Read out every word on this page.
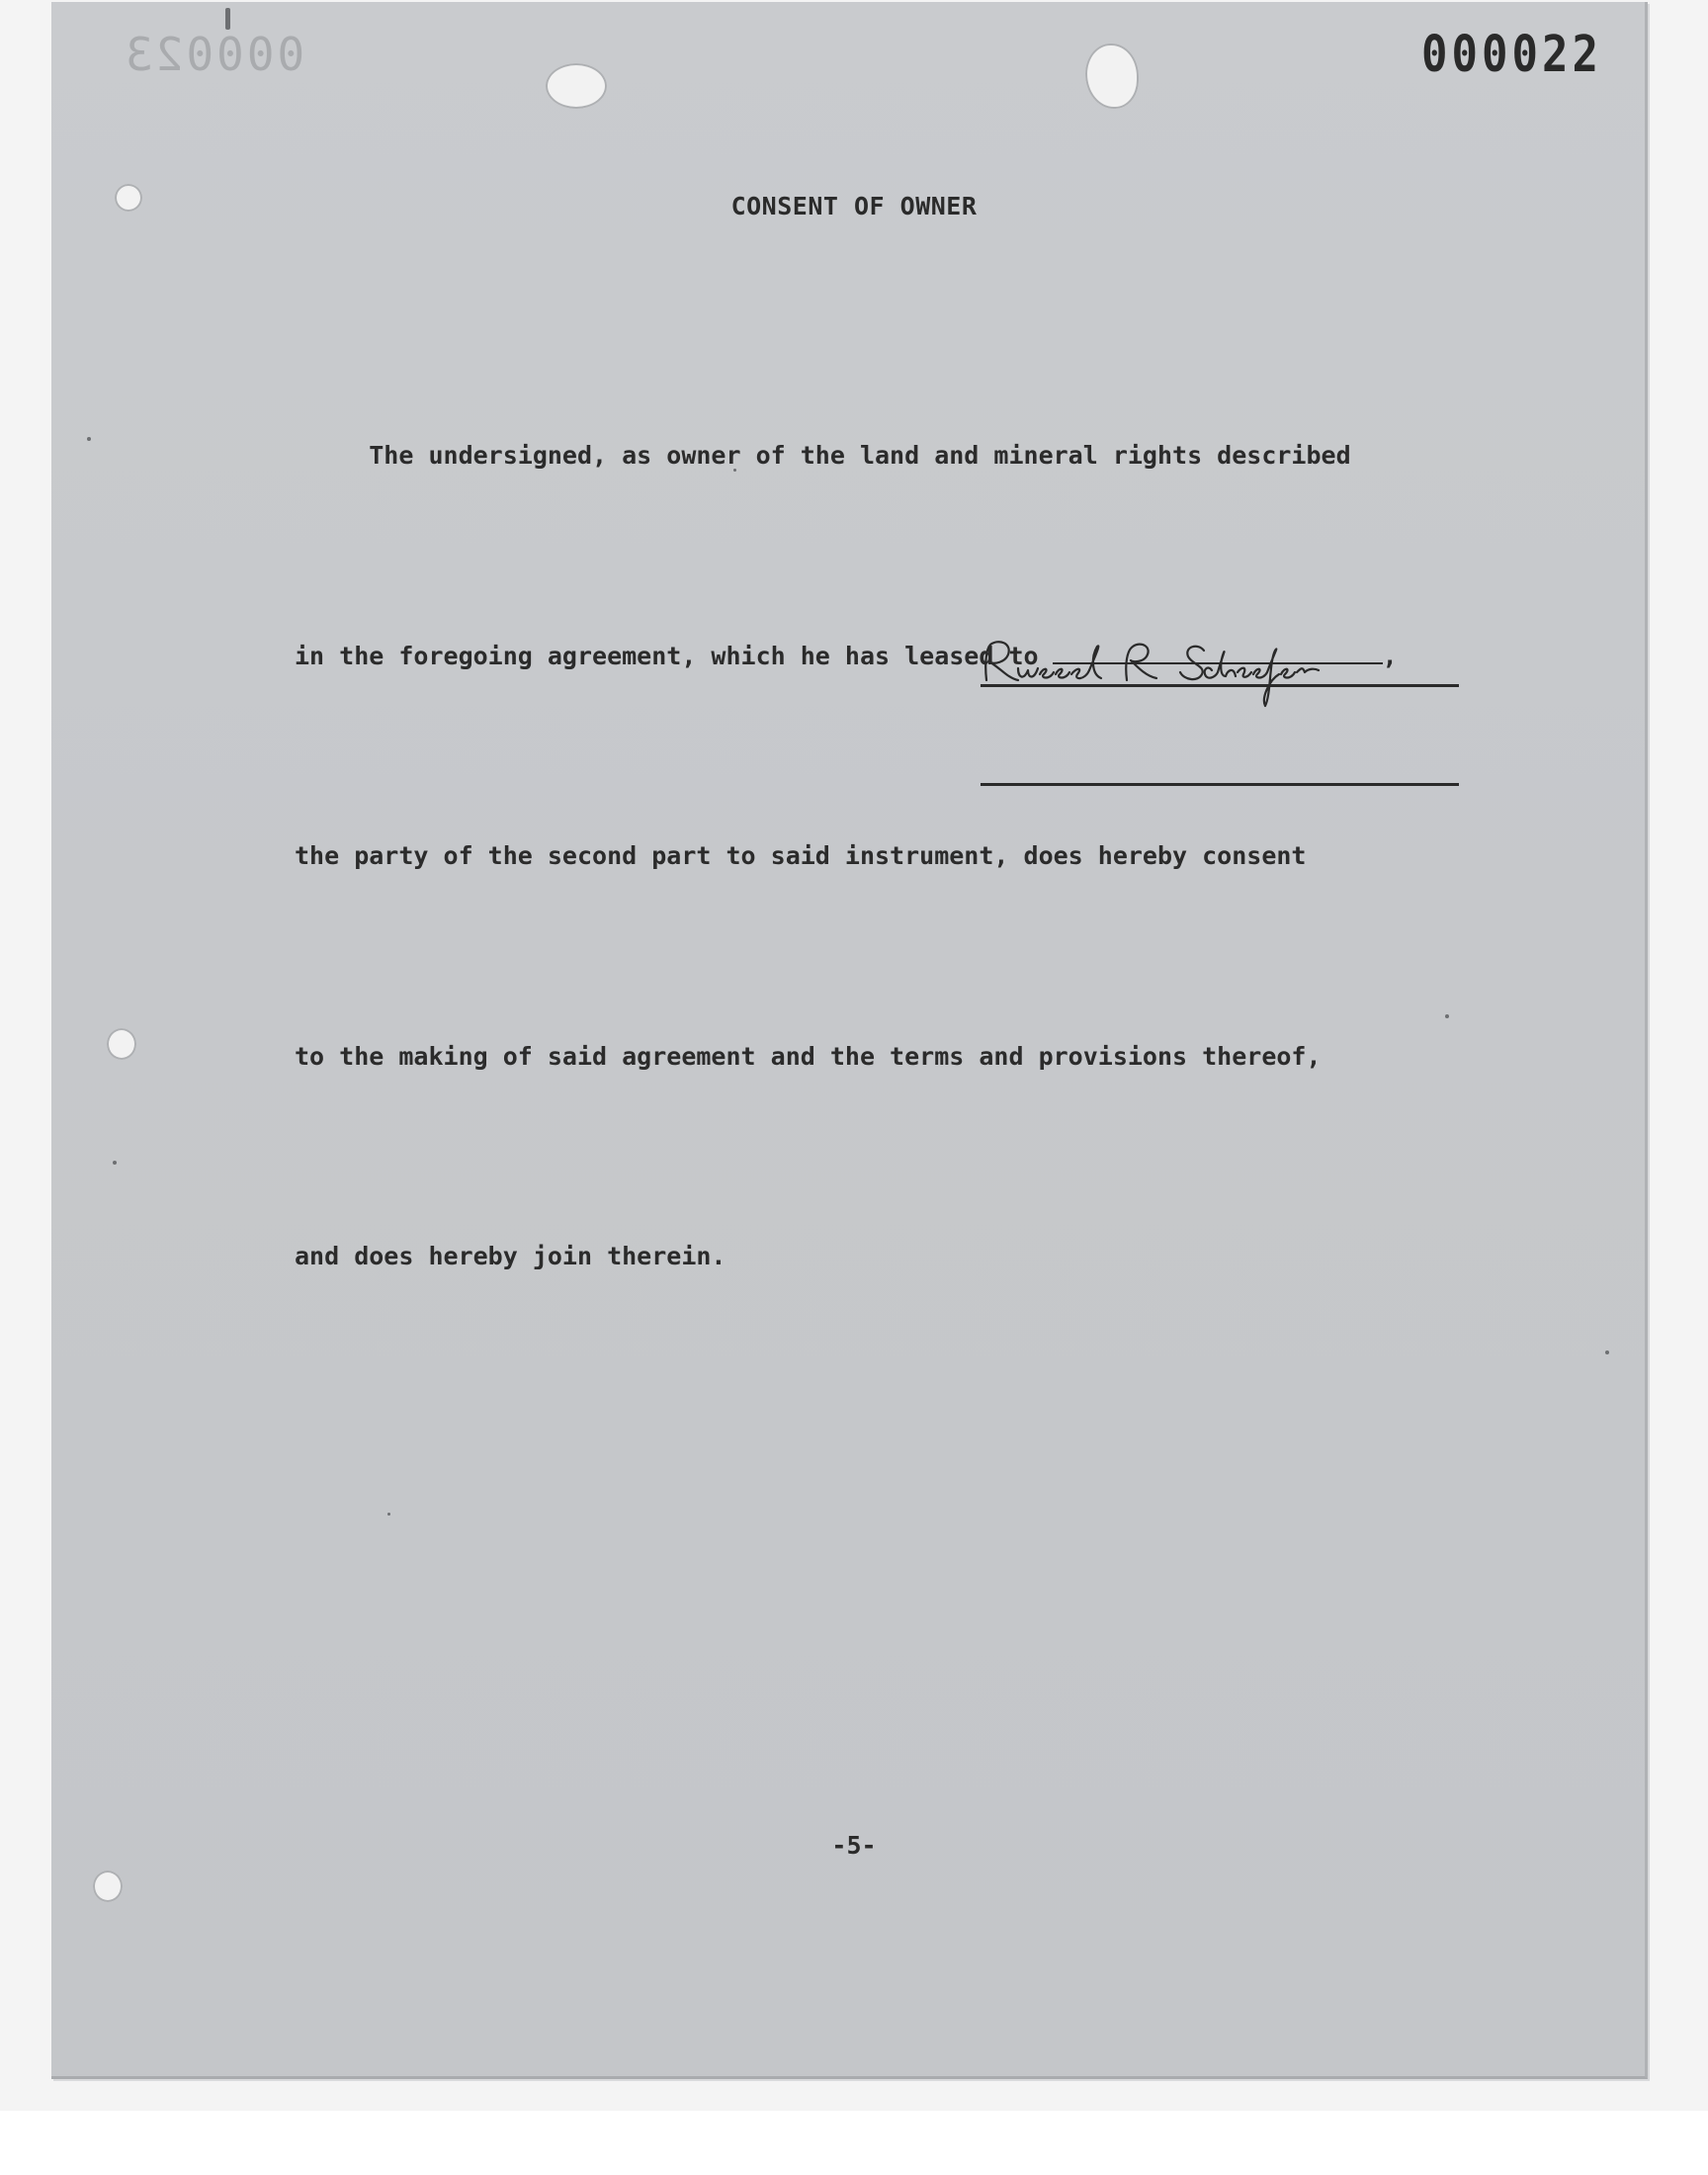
000023	000022
CONSENT OF OWNER

The undersigned, as owner of the land and mineral rights described

in the foregoing agreement, which he has leased to	,

the party of the second part to said instrument, does hereby consent

to the making of said agreement and the terms and provisions thereof,

and does hereby join therein.

-5-
